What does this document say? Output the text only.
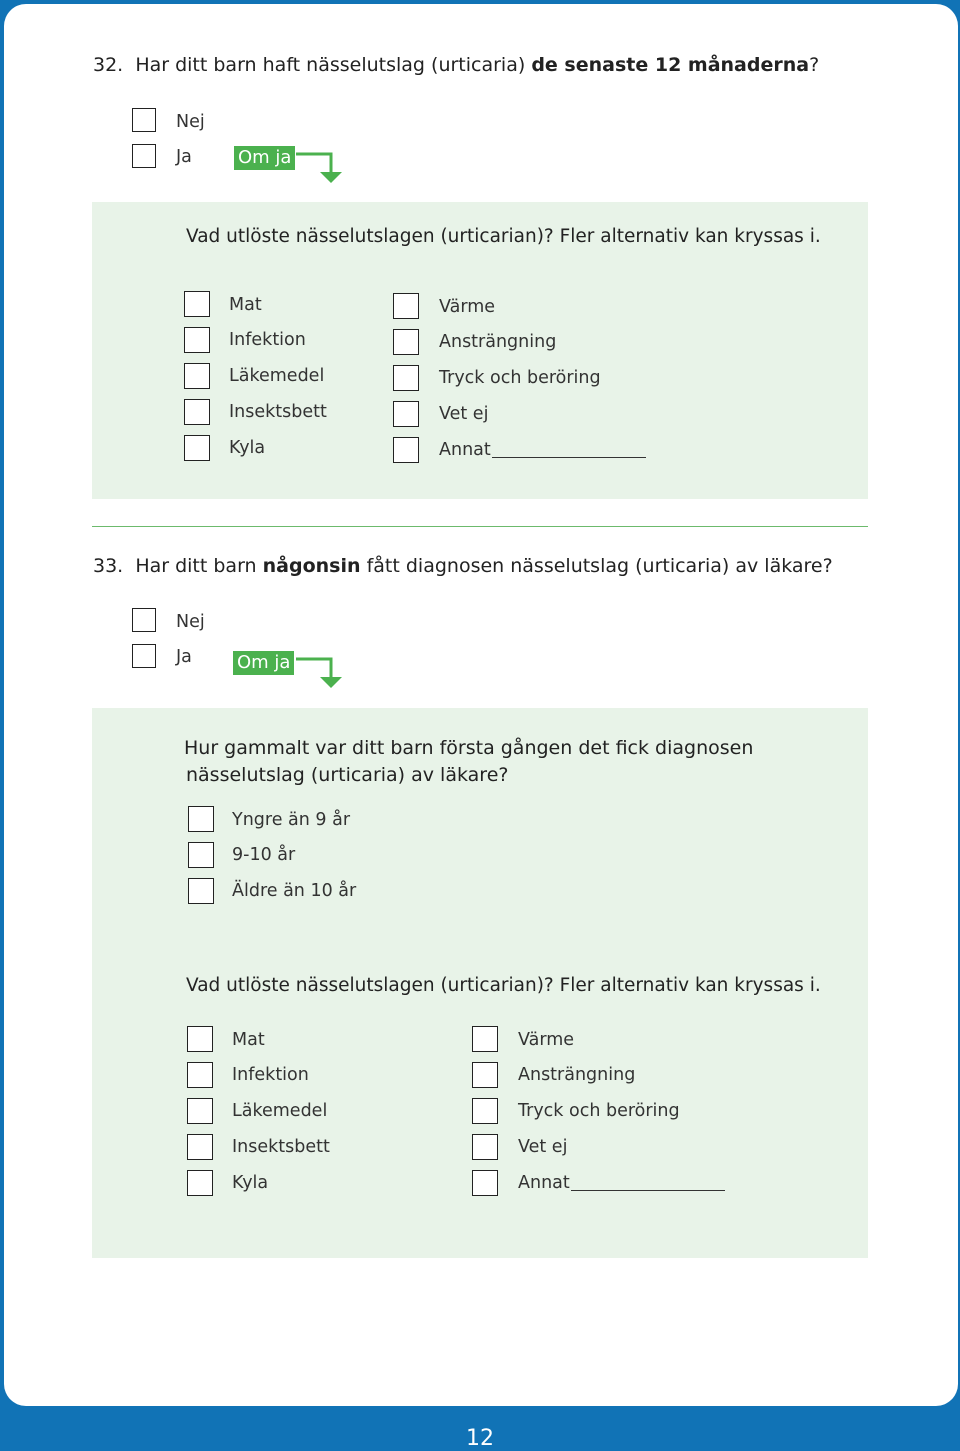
32. Har ditt barn haft nässelutslag (urticaria) de senaste 12 månaderna?
Nej
Ja	Om ja
Vad utlöste nässelutslagen (urticarian)? Fler alternativ kan kryssas i.
Mat
Infektion
Läkemedel
Insektsbett
Kyla
Värme
Ansträngning
Tryck och beröring
Vet ej
Annat
33. Har ditt barn någonsin fått diagnosen nässelutslag (urticaria) av läkare?
Nej
Ja	Om ja
Hur gammalt var ditt barn första gången det fick diagnosen
nässelutslag (urticaria) av läkare?
Yngre än 9 år
9-10 år
Äldre än 10 år
Vad utlöste nässelutslagen (urticarian)? Fler alternativ kan kryssas i.
Mat
Infektion
Läkemedel
Insektsbett
Kyla
Värme
Ansträngning
Tryck och beröring
Vet ej
Annat
12
